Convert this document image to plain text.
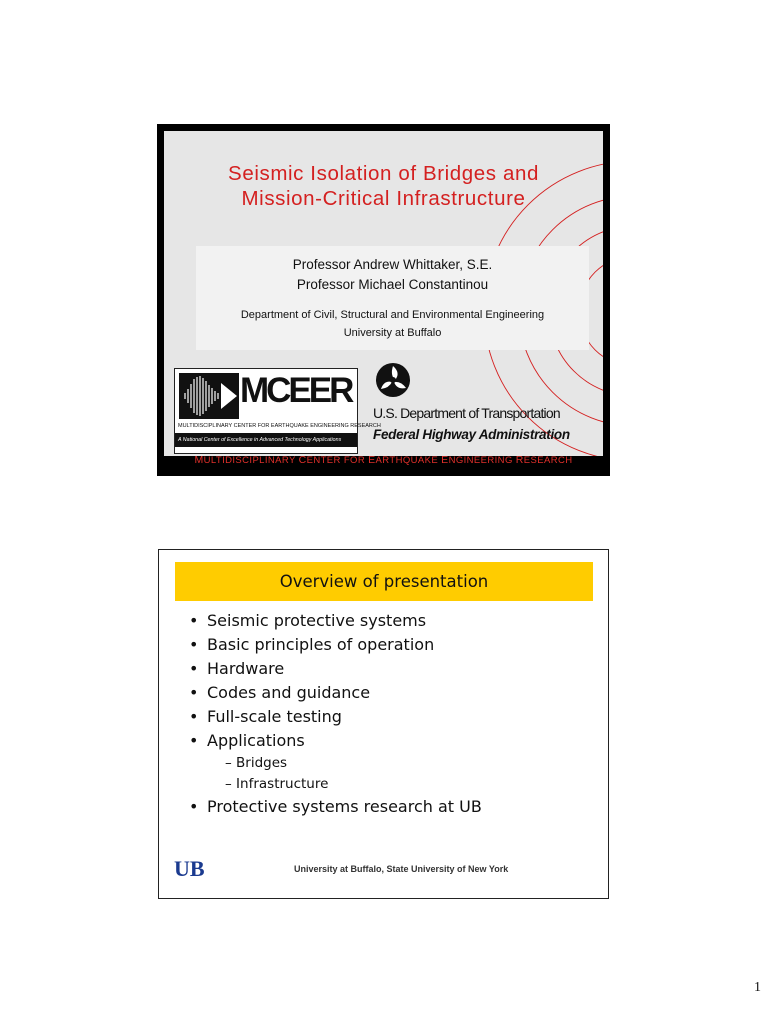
Seismic Isolation of Bridges and
Mission-Critical Infrastructure
Professor Andrew Whittaker, S.E.
Professor Michael Constantinou
Department of Civil, Structural and Environmental Engineering
University at Buffalo
MCEER
MULTIDISCIPLINARY CENTER FOR EARTHQUAKE ENGINEERING RESEARCH
A National Center of Excellence in Advanced Technology Applications
U.S. Department of Transportation
Federal Highway Administration
MULTIDISCIPLINARY CENTER FOR EARTHQUAKE ENGINEERING RESEARCH
Overview of presentation
• Seismic protective systems
• Basic principles of operation
• Hardware
• Codes and guidance
• Full-scale testing
• Applications
– Bridges
– Infrastructure
• Protective systems research at UB
UB	University at Buffalo, State University of New York
1
